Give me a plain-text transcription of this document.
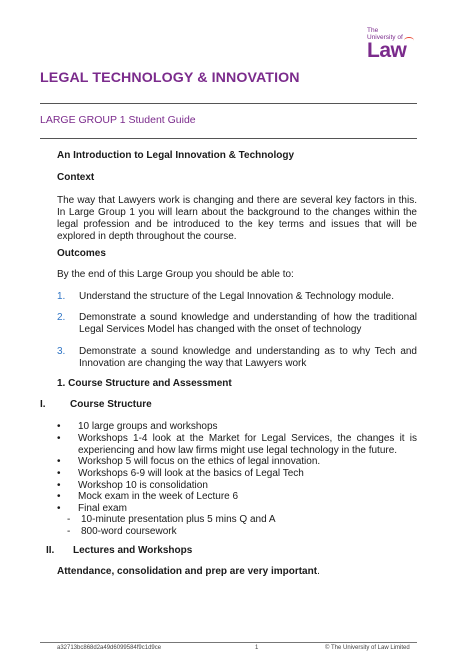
The
University of
Law
LEGAL TECHNOLOGY & INNOVATION
LARGE GROUP 1 Student Guide
An Introduction to Legal Innovation & Technology
Context
The way that Lawyers work is changing and there are several key factors in this. In Large Group 1 you will learn about the background to the changes within the legal profession and be introduced to the key terms and issues that will be explored in depth throughout the course.
Outcomes
By the end of this Large Group you should be able to:
1. Understand the structure of the Legal Innovation & Technology module.
2. Demonstrate a sound knowledge and understanding of how the traditional Legal Services Model has changed with the onset of technology
3. Demonstrate a sound knowledge and understanding as to why Tech and Innovation are changing the way that Lawyers work
1. Course Structure and Assessment
I. Course Structure
• 10 large groups and workshops
• Workshops 1-4 look at the Market for Legal Services, the changes it is experiencing and how law firms might use legal technology in the future.
• Workshop 5 will focus on the ethics of legal innovation.
• Workshops 6-9 will look at the basics of Legal Tech
• Workshop 10 is consolidation
• Mock exam in the week of Lecture 6
• Final exam
- 10-minute presentation plus 5 mins Q and A
- 800-word coursework
II. Lectures and Workshops
Attendance, consolidation and prep are very important.
a32713bc868d2a49d6099584f9c1d9ce	1	© The University of Law Limited
